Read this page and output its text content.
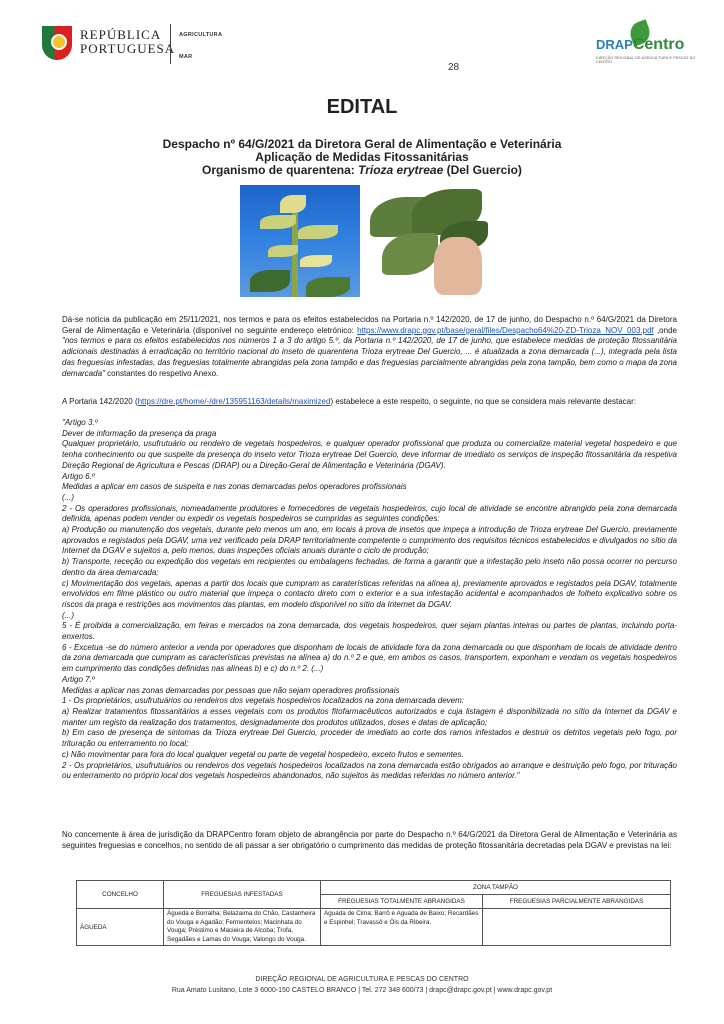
REPÚBLICA
PORTUGUESA
AGRICULTURA
MAR
DRAPCentro
DIREÇÃO REGIONAL DE AGRICULTURA E PESCAS DO CENTRO
28
EDITAL
Despacho nº 64/G/2021 da Diretora Geral de Alimentação e Veterinária
Aplicação de Medidas Fitossanitárias
Organismo de quarentena: Trioza erytreae (Del Guercio)
Dá-se notícia da publicação em 25/11/2021, nos termos e para os efeitos estabelecidos na Portaria n.º 142/2020, de 17 de junho, do Despacho n.º 64/G/2021 da Diretora Geral de Alimentação e Veterinária (disponível no seguinte endereço eletrónico: https://www.drapc.gov.pt/base/geral/files/Despacho64%20-ZD-Trioza_NOV_003.pdf ,onde "nos termos e para os efeitos estabelecidos nos números 1 a 3 do artigo 5.º, da Portaria n.º 142/2020, de 17 de junho, que estabelece medidas de proteção fitossanitária adicionais destinadas à erradicação no território nacional do inseto de quarentena Trioza erytreae Del Guercio, ... é atualizada a zona demarcada (...), integrada pela lista das freguesias infestadas, das freguesias totalmente abrangidas pela zona tampão e das freguesias parcialmente abrangidas pela zona tampão, bem como o mapa da zona demarcada" constantes do respetivo Anexo.
A Portaria 142/2020 (https://dre.pt/home/-/dre/135951163/details/maximized) estabelece a este respeito, o seguinte, no que se considera mais relevante destacar:
"Artigo 3.º
Dever de informação da presença da praga
Qualquer proprietário, usufrutuário ou rendeiro de vegetais hospedeiros, e qualquer operador profissional que produza ou comercialize material vegetal hospedeiro e que tenha conhecimento ou que suspeite da presença do inseto vetor Trioza erytreae Del Guercio, deve informar de imediato os serviços de inspeção fitossanitária da respetiva Direção Regional de Agricultura e Pescas (DRAP) ou a Direção-Geral de Alimentação e Veterinária (DGAV).
Artigo 6.º
Medidas a aplicar em casos de suspeita e nas zonas demarcadas pelos operadores profissionais
(...)
2 - Os operadores profissionais, nomeadamente produtores e fornecedores de vegetais hospedeiros, cujo local de atividade se encontre abrangido pela zona demarcada definida, apenas podem vender ou expedir os vegetais hospedeiros se cumpridas as seguintes condições:
a) Produção ou manutenção dos vegetais, durante pelo menos um ano, em locais à prova de insetos que impeça a introdução de Trioza erytreae Del Guercio, previamente aprovados e registados pela DGAV, uma vez verificado pela DRAP territorialmente competente o cumprimento dos requisitos técnicos estabelecidos e divulgados no sítio da Internet da DGAV e sujeitos a, pelo menos, duas inspeções oficiais anuais durante o ciclo de produção;
b) Transporte, receção ou expedição dos vegetais em recipientes ou embalagens fechadas, de forma a garantir que a infestação pelo inseto não possa ocorrer no percurso dentro da área demarcada;
c) Movimentação dos vegetais, apenas a partir dos locais que cumpram as caraterísticas referidas na alínea a), previamente aprovados e registados pela DGAV, totalmente envolvidos em filme plástico ou outro material que impeça o contacto direto com o exterior e a sua infestação acidental e acompanhados de folheto explicativo sobre os riscos da praga e restrições aos movimentos das plantas, em modelo disponível no sítio da Internet da DGAV.
(...)
5 - É proibida a comercialização, em feiras e mercados na zona demarcada, dos vegetais hospedeiros, quer sejam plantas inteiras ou partes de plantas, incluindo porta-enxertos.
6 - Excetua -se do número anterior a venda por operadores que disponham de locais de atividade fora da zona demarcada ou que disponham de locais de atividade dentro da zona demarcada que cumpram as características previstas na alínea a) do n.º 2 e que, em ambos os casos, transportem, exponham e vendam os vegetais hospedeiros em cumprimento das condições definidas nas alíneas b) e c) do n.º 2. (...)
Artigo 7.º
Medidas a aplicar nas zonas demarcadas por pessoas que não sejam operadores profissionais
1 - Os proprietários, usufrutuários ou rendeiros dos vegetais hospedeiros localizados na zona demarcada devem:
a) Realizar tratamentos fitossanitários a esses vegetais com os produtos fitofarmacêuticos autorizados e cuja listagem é disponibilizada no sítio da Internet da DGAV e manter um registo da realização dos tratamentos, designadamente dos produtos utilizados, doses e datas de aplicação;
b) Em caso de presença de sintomas da Trioza erytreae Del Guercio, proceder de imediato ao corte dos ramos infestados e destruir os detritos vegetais pelo fogo, por trituração ou enterramento no local;
c) Não movimentar para fora do local qualquer vegetal ou parte de vegetal hospedeiro, exceto frutos e sementes.
2 - Os proprietários, usufrutuários ou rendeiros dos vegetais hospedeiros localizados na zona demarcada estão obrigados ao arranque e destruição pelo fogo, por trituração ou enterramento no próprio local dos vegetais hospedeiros abandonados, não sujeitos às medidas referidas no número anterior."
No concernente à área de jurisdição da DRAPCentro foram objeto de abrangência por parte do Despacho n.º 64/G/2021 da Diretora Geral de Alimentação e Veterinária as seguintes freguesias e concelhos, no sentido de ali passar a ser obrigatório o cumprimento das medidas de proteção fitossanitária decretadas pela DGAV e previstas na lei:
CONCELHO	FREGUESIAS INFESTADAS	ZONA TAMPÃO	
		FREGUESIAS TOTALMENTE ABRANGIDAS	FREGUESIAS PARCIALMENTE ABRANGIDAS
ÁGUEDA	Águeda e Borralha; Belazaima do Chão, Castanheira do Vouga e Agadão; Fermentelos; Macinhata do Vouga; Préstimo e Macieira de Alcoba; Trofa, Segadães e Lamas do Vouga; Valongo do Vouga.	Aguada de Cima; Barrô e Aguada de Baixo; Recardães e Espinhel; Travassô e Óis da Ribeira.	
DIREÇÃO REGIONAL DE AGRICULTURA E PESCAS DO CENTRO
Rua Amato Lusitano, Lote 3 6000-150 CASTELO BRANCO | Tel. 272 348 600/73 | drapc@drapc.gov.pt | www.drapc.gov.pt
